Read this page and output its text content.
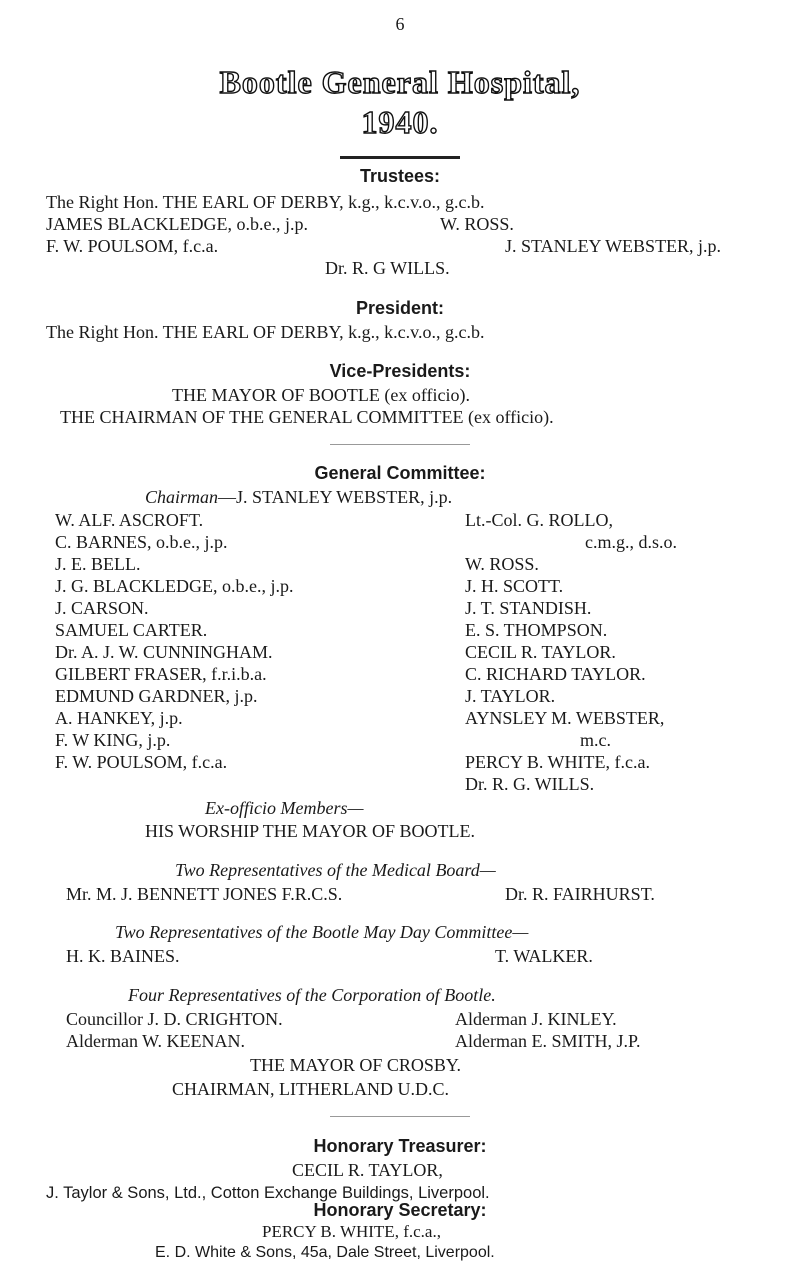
6
Bootle General Hospital,
1940.
Trustees:
The Right Hon. THE EARL OF DERBY, k.g., k.c.v.o., g.c.b.
JAMES BLACKLEDGE, o.b.e., j.p.	W. ROSS.
F. W. POULSOM, f.c.a.	J. STANLEY WEBSTER, j.p.
Dr. R. G WILLS.
President:
The Right Hon. THE EARL OF DERBY, k.g., k.c.v.o., g.c.b.
Vice-Presidents:
THE MAYOR OF BOOTLE (ex officio).
THE CHAIRMAN OF THE GENERAL COMMITTEE (ex officio).
General Committee:
Chairman—J. STANLEY WEBSTER, j.p.
W. ALF. ASCROFT.
C. BARNES, o.b.e., j.p.
J. E. BELL.
J. G. BLACKLEDGE, o.b.e., j.p.
J. CARSON.
SAMUEL CARTER.
Dr. A. J. W. CUNNINGHAM.
GILBERT FRASER, f.r.i.b.a.
EDMUND GARDNER, j.p.
A. HANKEY, j.p.
F. W KING, j.p.
F. W. POULSOM, f.c.a.
Lt.-Col. G. ROLLO,
c.m.g., d.s.o.
W. ROSS.
J. H. SCOTT.
J. T. STANDISH.
E. S. THOMPSON.
CECIL R. TAYLOR.
C. RICHARD TAYLOR.
J. TAYLOR.
AYNSLEY M. WEBSTER,
m.c.
PERCY B. WHITE, f.c.a.
Dr. R. G. WILLS.
Ex-officio Members—
HIS WORSHIP THE MAYOR OF BOOTLE.
Two Representatives of the Medical Board—
Mr. M. J. BENNETT JONES F.R.C.S.	Dr. R. FAIRHURST.
Two Representatives of the Bootle May Day Committee—
H. K. BAINES.	T. WALKER.
Four Representatives of the Corporation of Bootle.
Councillor J. D. CRIGHTON.	Alderman J. KINLEY.
Alderman W. KEENAN.	Alderman E. SMITH, J.P.
THE MAYOR OF CROSBY.
CHAIRMAN, LITHERLAND U.D.C.
Honorary Treasurer:
CECIL R. TAYLOR,
J. Taylor & Sons, Ltd., Cotton Exchange Buildings, Liverpool.
Honorary Secretary:
PERCY B. WHITE, f.c.a.,
E. D. White & Sons, 45a, Dale Street, Liverpool.
